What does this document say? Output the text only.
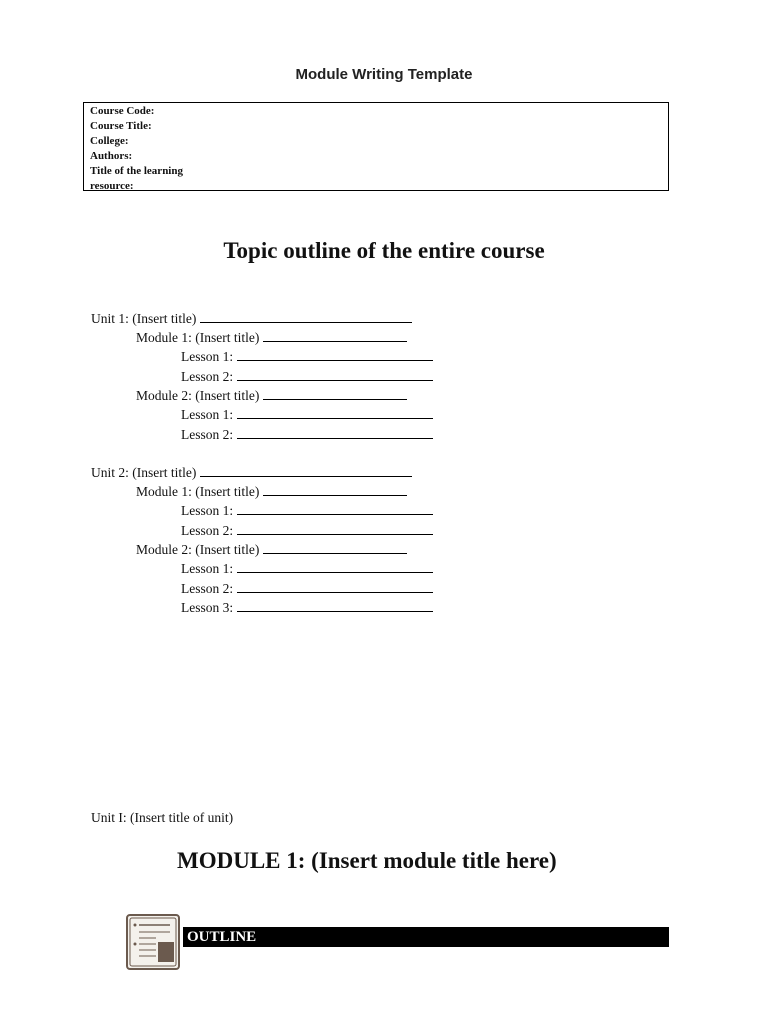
Module Writing Template
Course Code:
Course Title:
College:
Authors:
Title of the learning
resource:
Topic outline of the entire course
Unit 1: (Insert title)
Module 1: (Insert title)
Lesson 1:
Lesson 2:
Module 2: (Insert title)
Lesson 1:
Lesson 2:
Unit 2: (Insert title)
Module 1: (Insert title)
Lesson 1:
Lesson 2:
Module 2: (Insert title)
Lesson 1:
Lesson 2:
Lesson 3:
Unit I: (Insert title of unit)
MODULE 1: (Insert module title here)
OUTLINE
